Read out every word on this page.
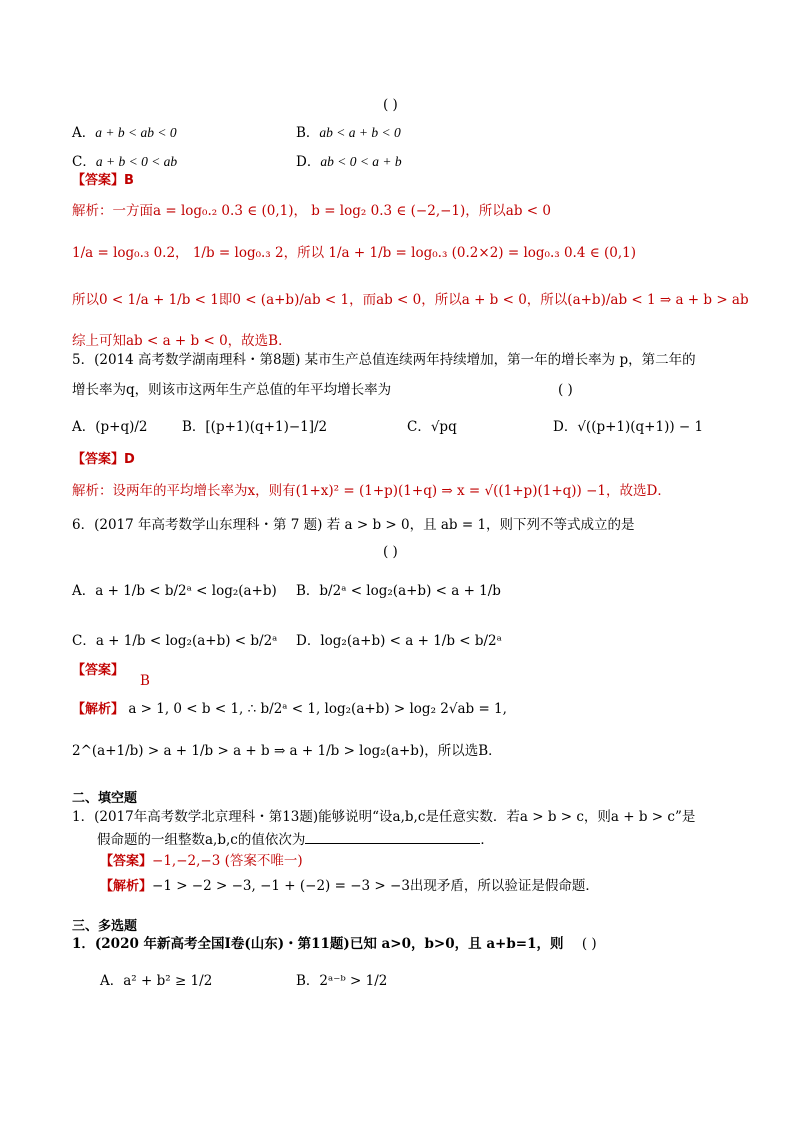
( )
A．a + b < ab < 0	B．ab < a + b < 0
C．a + b < 0 < ab	D．ab < 0 < a + b
【答案】B
解析：一方面a = log₀.₂ 0.3 ∈ (0,1)， b = log₂ 0.3 ∈ (−2,−1)，所以ab < 0
1/a = log₀.₃ 0.2， 1/b = log₀.₃ 2，所以 1/a + 1/b = log₀.₃ (0.2×2) = log₀.₃ 0.4 ∈ (0,1)
所以0 < 1/a + 1/b < 1即0 < (a+b)/ab < 1，而ab < 0，所以a + b < 0，所以(a+b)/ab < 1 ⇒ a + b > ab
综上可知ab < a + b < 0，故选B．
5．(2014 高考数学湖南理科・第8题) 某市生产总值连续两年持续增加，第一年的增长率为 p，第二年的
增长率为q，则该市这两年生产总值的年平均增长率为	( )
A．(p+q)/2	B．[(p+1)(q+1)−1]/2	C．√pq	D．√((p+1)(q+1)) − 1
【答案】D
解析：设两年的平均增长率为x，则有(1+x)² = (1+p)(1+q) ⇒ x = √((1+p)(1+q)) −1，故选D．
6．(2017 年高考数学山东理科・第 7 题) 若 a > b > 0，且 ab = 1，则下列不等式成立的是
( )
A．a + 1/b < b/2ᵃ < log₂(a+b) B．b/2ᵃ < log₂(a+b) < a + 1/b
C．a + 1/b < log₂(a+b) < b/2ᵃ D．log₂(a+b) < a + 1/b < b/2ᵃ
【答案】
B
【解析】 a > 1, 0 < b < 1, ∴ b/2ᵃ < 1, log₂(a+b) > log₂ 2√ab = 1,
2^(a+1/b) > a + 1/b > a + b ⇒ a + 1/b > log₂(a+b)，所以选B．
二、填空题
1．(2017年高考数学北京理科・第13题)能够说明“设a,b,c是任意实数．若a > b > c，则a + b > c”是
假命题的一组整数a,b,c的值依次为	．
【答案】−1,−2,−3 (答案不唯一)
【解析】−1 > −2 > −3, −1 + (−2) = −3 > −3出现矛盾，所以验证是假命题．
三、多选题
1．(2020 年新高考全国Ⅰ卷(山东)・第11题)已知 a>0，b>0，且 a+b=1，则 ( )
A．a² + b² ≥ 1/2	B．2ᵃ⁻ᵇ > 1/2
